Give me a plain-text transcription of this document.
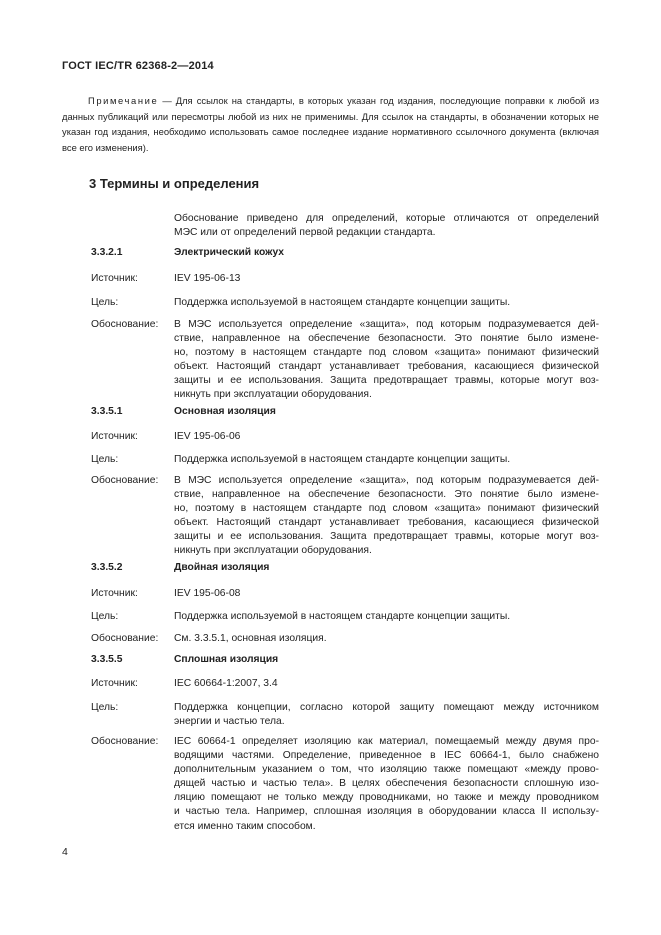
ГОСТ IEC/TR 62368-2—2014
Примечание — Для ссылок на стандарты, в которых указан год издания, последующие поправки к любой из данных публикаций или пересмотры любой из них не применимы. Для ссылок на стандарты, в обозначении которых не указан год издания, необходимо использовать самое последнее издание нормативного ссылочного документа (включая все его изменения).
3 Термины и определения
Обоснование приведено для определений, которые отличаются от определений
МЭС или от определений первой редакции стандарта.
3.3.2.1	Электрический кожух
Источник:	IEV 195-06-13
Цель:	Поддержка используемой в настоящем стандарте концепции защиты.
Обоснование: В МЭС используется определение «защита», под которым подразумевается дей-
ствие, направленное на обеспечение безопасности. Это понятие было измене-
но, поэтому в настоящем стандарте под словом «защита» понимают физический
объект. Настоящий стандарт устанавливает требования, касающиеся физической
защиты и ее использования. Защита предотвращает травмы, которые могут воз-
никнуть при эксплуатации оборудования.
3.3.5.1	Основная изоляция
Источник:	IEV 195-06-06
Цель:	Поддержка используемой в настоящем стандарте концепции защиты.
Обоснование: В МЭС используется определение «защита», под которым подразумевается дей-
ствие, направленное на обеспечение безопасности. Это понятие было измене-
но, поэтому в настоящем стандарте под словом «защита» понимают физический
объект. Настоящий стандарт устанавливает требования, касающиеся физической
защиты и ее использования. Защита предотвращает травмы, которые могут воз-
никнуть при эксплуатации оборудования.
3.3.5.2	Двойная изоляция
Источник:	IEV 195-06-08
Цель:	Поддержка используемой в настоящем стандарте концепции защиты.
Обоснование: См. 3.3.5.1, основная изоляция.
3.3.5.5	Сплошная изоляция
Источник:	IEC 60664-1:2007, 3.4
Цель:	Поддержка концепции, согласно которой защиту помещают между источником
энергии и частью тела.
Обоснование: IEC 60664-1 определяет изоляцию как материал, помещаемый между двумя про-
водящими частями. Определение, приведенное в IEC 60664-1, было снабжено
дополнительным указанием о том, что изоляцию также помещают «между прово-
дящей частью и частью тела». В целях обеспечения безопасности сплошную изо-
ляцию помещают не только между проводниками, но также и между проводником
и частью тела. Например, сплошная изоляция в оборудовании класса II использу-
ется именно таким способом.
4
